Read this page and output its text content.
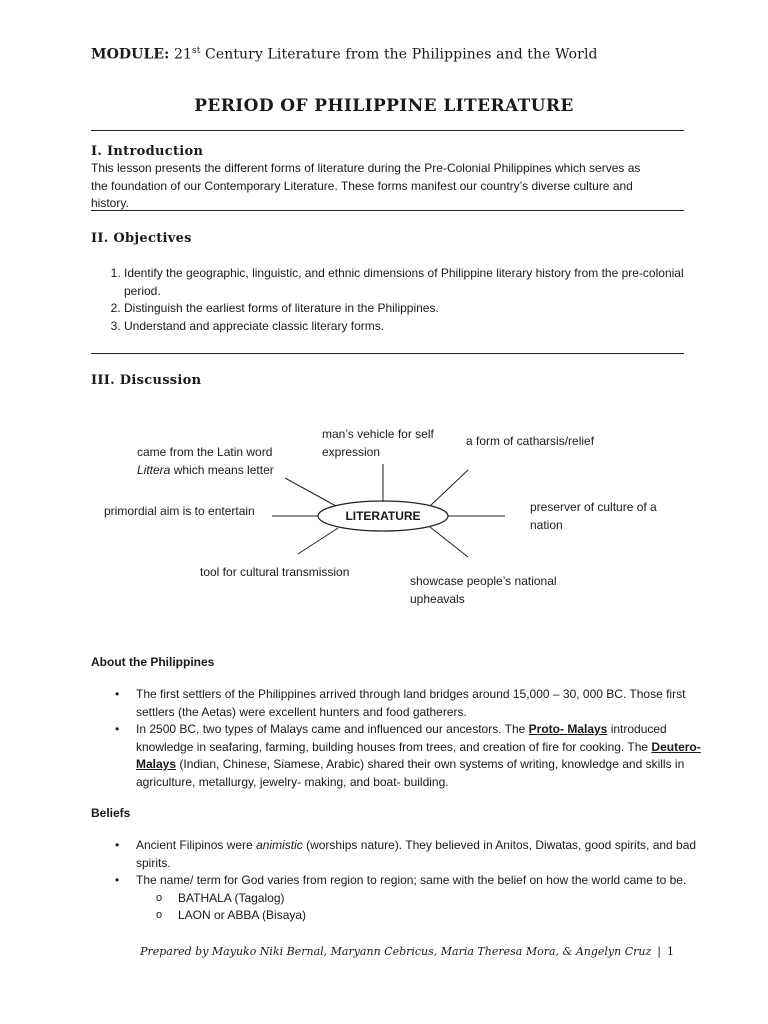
MODULE: 21st Century Literature from the Philippines and the World
PERIOD OF PHILIPPINE LITERATURE
I. Introduction
This lesson presents the different forms of literature during the Pre-Colonial Philippines which serves as the foundation of our Contemporary Literature. These forms manifest our country’s diverse culture and history.
II. Objectives
1. Identify the geographic, linguistic, and ethnic dimensions of Philippine literary history from the pre-colonial period.
2. Distinguish the earliest forms of literature in the Philippines.
3. Understand and appreciate classic literary forms.
III. Discussion
LITERATURE
came from the Latin word
Littera which means letter
man’s vehicle for self expression
a form of catharsis/relief
primordial aim is to entertain	preserver of culture of a nation
tool for cultural transmission
showcase people’s national upheavals
About the Philippines
• The first settlers of the Philippines arrived through land bridges around 15,000 – 30, 000 BC. Those first settlers (the Aetas) were excellent hunters and food gatherers.
• In 2500 BC, two types of Malays came and influenced our ancestors. The Proto- Malays introduced knowledge in seafaring, farming, building houses from trees, and creation of fire for cooking. The Deutero- Malays (Indian, Chinese, Siamese, Arabic) shared their own systems of writing, knowledge and skills in agriculture, metallurgy, jewelry- making, and boat- building.
Beliefs
• Ancient Filipinos were animistic (worships nature). They believed in Anitos, Diwatas, good spirits, and bad spirits.
• The name/ term for God varies from region to region; same with the belief on how the world came to be.
o BATHALA (Tagalog)
o LAON or ABBA (Bisaya)
Prepared by Mayuko Niki Bernal, Maryann Cebricus, Maria Theresa Mora, & Angelyn Cruz | 1
